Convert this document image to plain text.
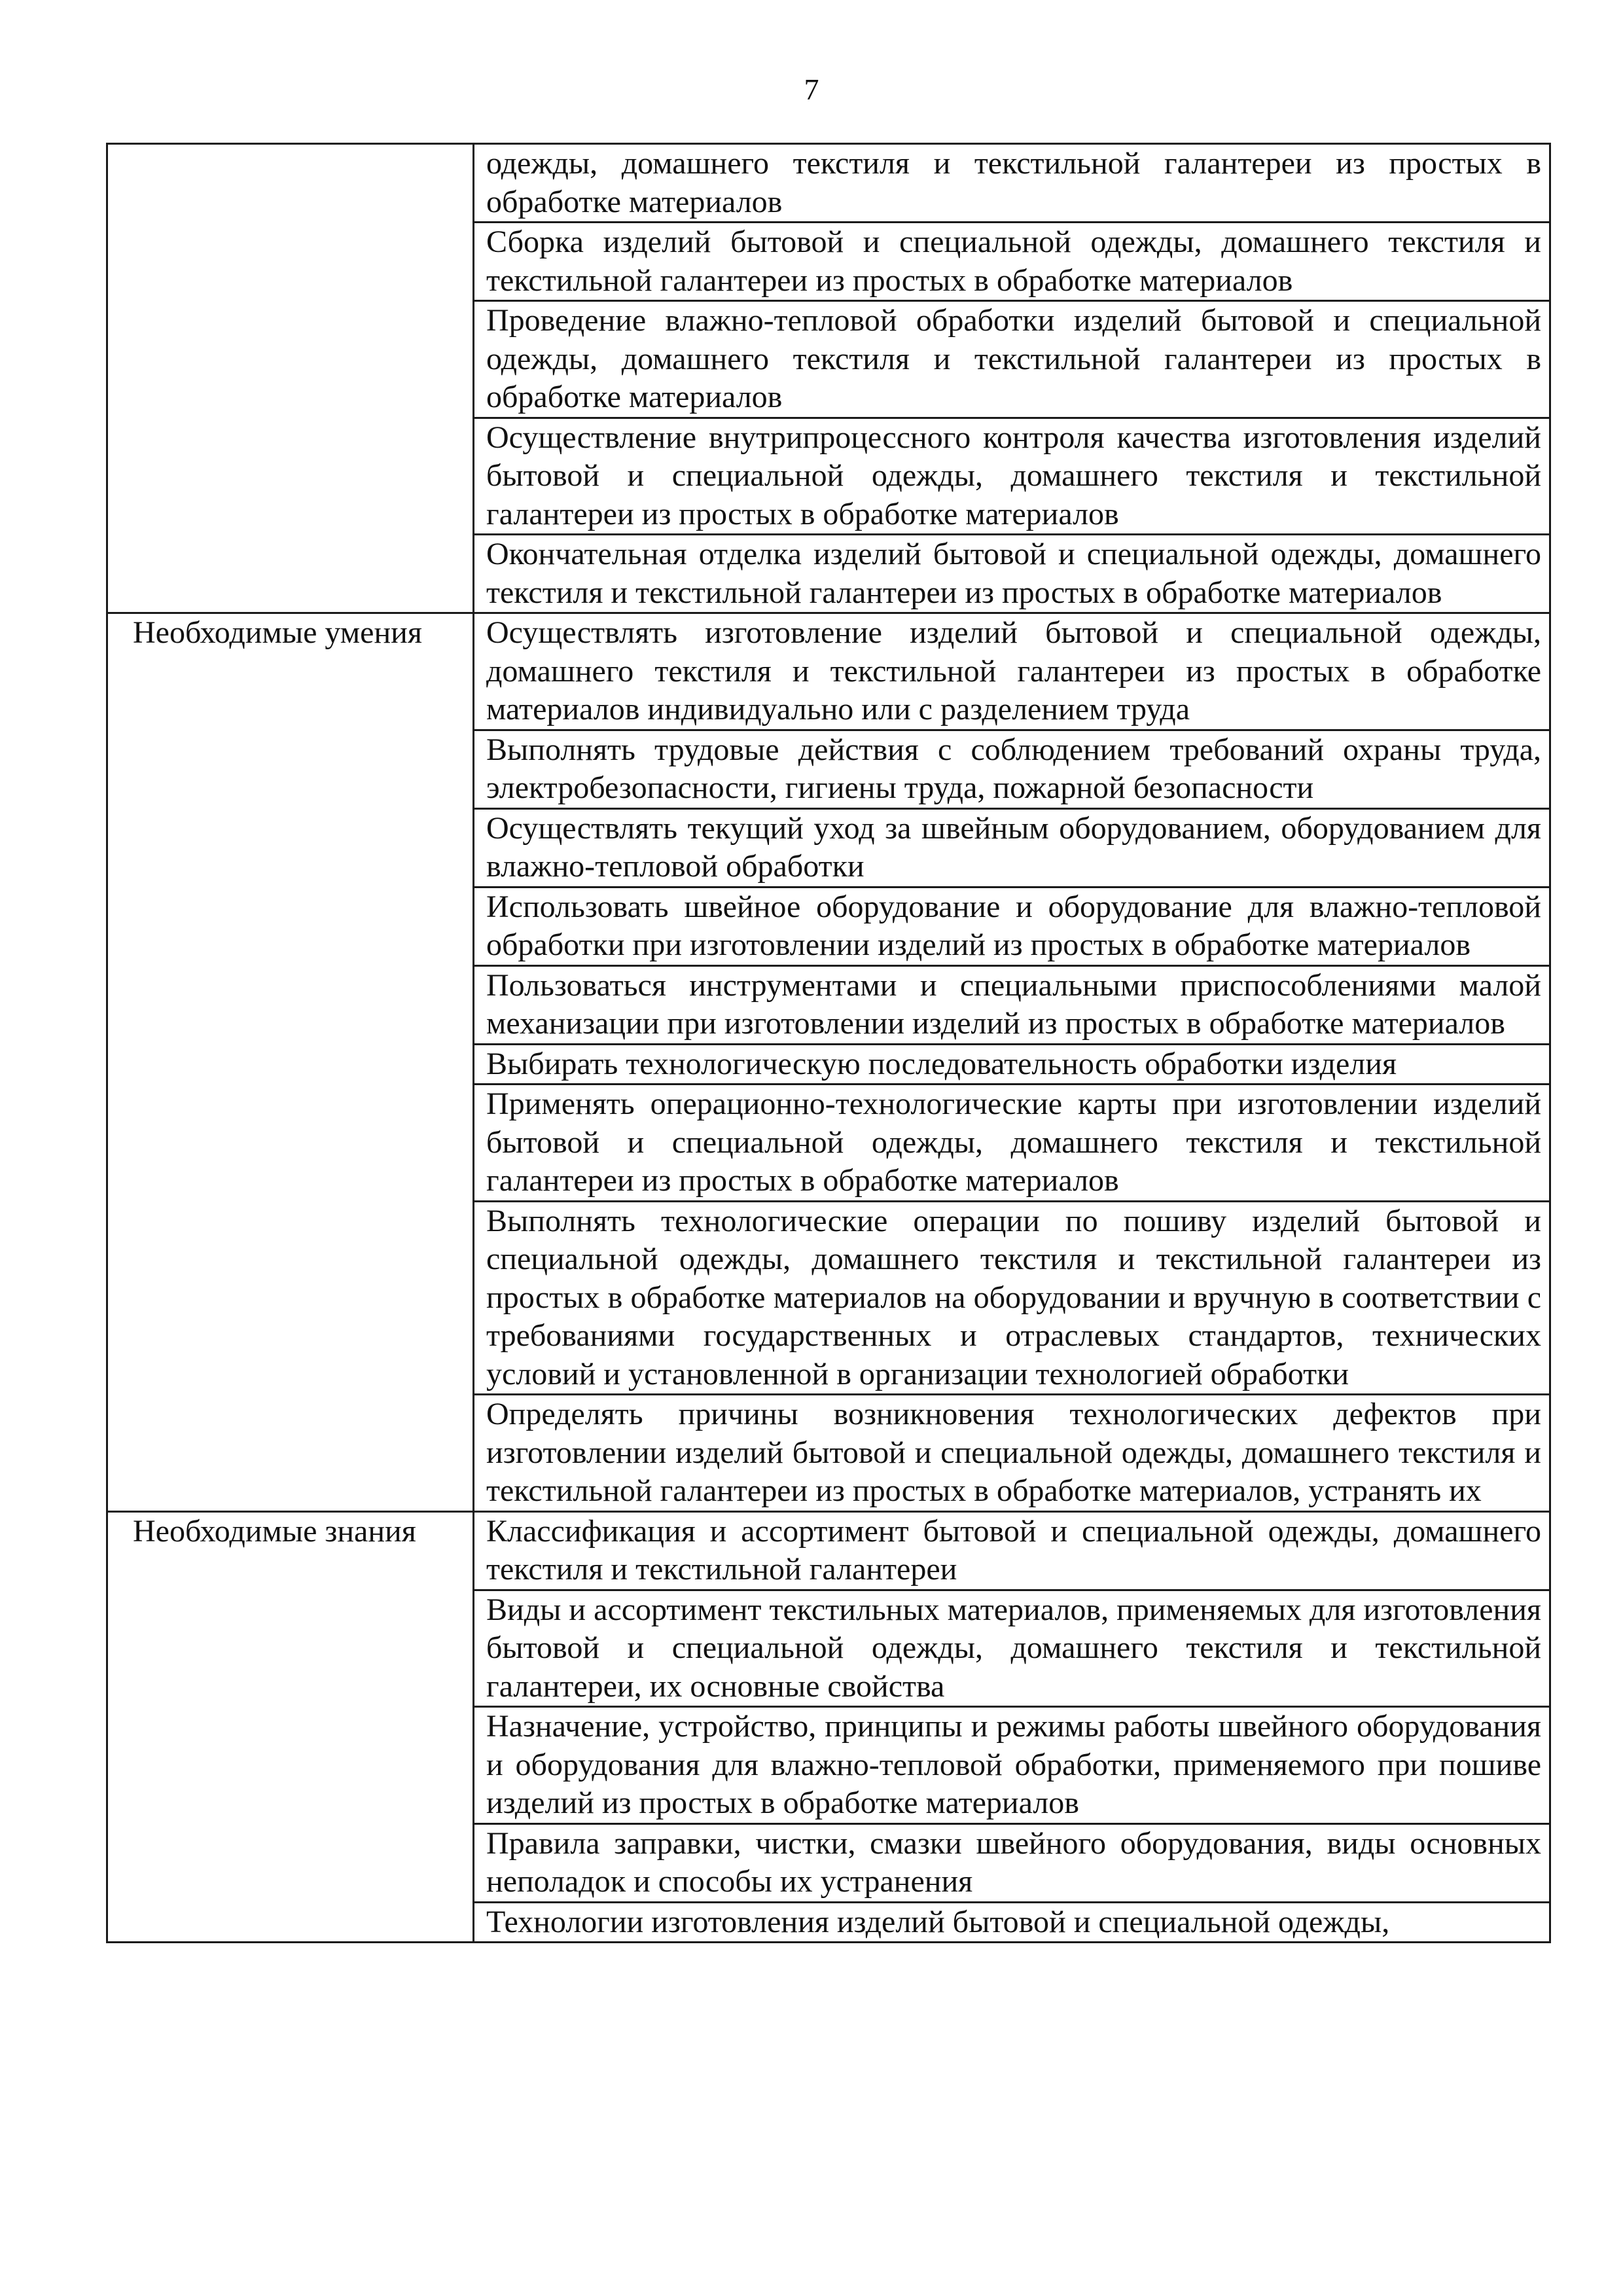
7
	одежды, домашнего текстиля и текстильной галантереи из простых в обработке материалов
	Сборка изделий бытовой и специальной одежды, домашнего текстиля и текстильной галантереи из простых в обработке материалов
	Проведение влажно-тепловой обработки изделий бытовой и специальной одежды, домашнего текстиля и текстильной галантереи из простых в обработке материалов
	Осуществление внутрипроцессного контроля качества изготовления изделий бытовой и специальной одежды, домашнего текстиля и текстильной галантереи из простых в обработке материалов
	Окончательная отделка изделий бытовой и специальной одежды, домашнего текстиля и текстильной галантереи из простых в обработке материалов
Необходимые умения	Осуществлять изготовление изделий бытовой и специальной одежды, домашнего текстиля и текстильной галантереи из простых в обработке материалов индивидуально или с разделением труда
	Выполнять трудовые действия с соблюдением требований охраны труда, электробезопасности, гигиены труда, пожарной безопасности
	Осуществлять текущий уход за швейным оборудованием, оборудованием для влажно-тепловой обработки
	Использовать швейное оборудование и оборудование для влажно-тепловой обработки при изготовлении изделий из простых в обработке материалов
	Пользоваться инструментами и специальными приспособлениями малой механизации при изготовлении изделий из простых в обработке материалов
	Выбирать технологическую последовательность обработки изделия
	Применять операционно-технологические карты при изготовлении изделий бытовой и специальной одежды, домашнего текстиля и текстильной галантереи из простых в обработке материалов
	Выполнять технологические операции по пошиву изделий бытовой и специальной одежды, домашнего текстиля и текстильной галантереи из простых в обработке материалов на оборудовании и вручную в соответствии с требованиями государственных и отраслевых стандартов, технических условий и установленной в организации технологией обработки
	Определять причины возникновения технологических дефектов при изготовлении изделий бытовой и специальной одежды, домашнего текстиля и текстильной галантереи из простых в обработке материалов, устранять их
Необходимые знания	Классификация и ассортимент бытовой и специальной одежды, домашнего текстиля и текстильной галантереи
	Виды и ассортимент текстильных материалов, применяемых для изготовления бытовой и специальной одежды, домашнего текстиля и текстильной галантереи, их основные свойства
	Назначение, устройство, принципы и режимы работы швейного оборудования и оборудования для влажно-тепловой обработки, применяемого при пошиве изделий из простых в обработке материалов
	Правила заправки, чистки, смазки швейного оборудования, виды основных неполадок и способы их устранения
	Технологии изготовления изделий бытовой и специальной одежды,
